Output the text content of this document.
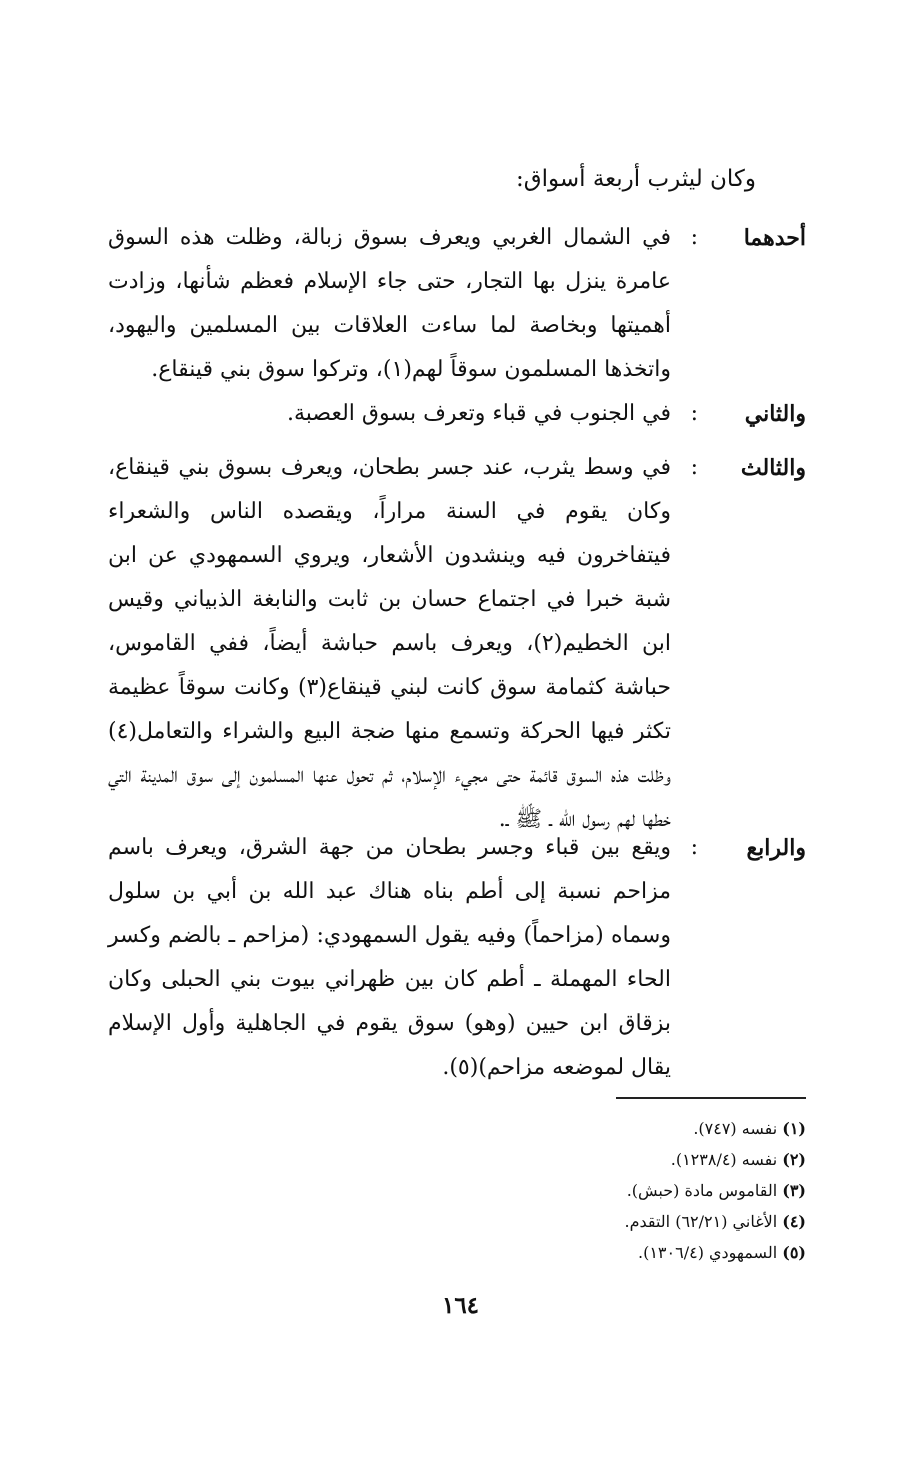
وكان ليثرب أربعة أسواق:
أحدهما
:
في الشمال الغربي ويعرف بسوق زبالة، وظلت هذه السوق عامرة ينزل بها التجار، حتى جاء الإسلام فعظم شأنها، وزادت أهميتها وبخاصة لما ساءت العلاقات بين المسلمين واليهود، واتخذها المسلمون سوقاً لهم(١)، وتركوا سوق بني قينقاع.
والثاني
:
في الجنوب في قباء وتعرف بسوق العصبة.
والثالث
:
في وسط يثرب، عند جسر بطحان، ويعرف بسوق بني قينقاع، وكان يقوم في السنة مراراً، ويقصده الناس والشعراء فيتفاخرون فيه وينشدون الأشعار، ويروي السمهودي عن ابن شبة خبرا في اجتماع حسان بن ثابت والنابغة الذبياني وقيس ابن الخطيم(٢)، ويعرف باسم حباشة أيضاً، ففي القاموس، حباشة كثمامة سوق كانت لبني قينقاع(٣) وكانت سوقاً عظيمة تكثر فيها الحركة وتسمع منها ضجة البيع والشراء والتعامل(٤) وظلت هذه السوق قائمة حتى مجيء الإسلام، ثم تحول عنها المسلمون إلى سوق المدينة التي خطها لهم رسول الله ـ ﷺ ـ.
والرابع
:
ويقع بين قباء وجسر بطحان من جهة الشرق، ويعرف باسم مزاحم نسبة إلى أطم بناه هناك عبد الله بن أبي بن سلول وسماه (مزاحماً) وفيه يقول السمهودي: (مزاحم ـ بالضم وكسر الحاء المهملة ـ أطم كان بين ظهراني بيوت بني الحبلى وكان بزقاق ابن حيين (وهو) سوق يقوم في الجاهلية وأول الإسلام يقال لموضعه مزاحم)(٥).
(١) نفسه (٧٤٧).
(٢) نفسه (١٢٣٨/٤).
(٣) القاموس مادة (حبش).
(٤) الأغاني (٦٢/٢١) التقدم.
(٥) السمهودي (١٣٠٦/٤).
١٦٤
